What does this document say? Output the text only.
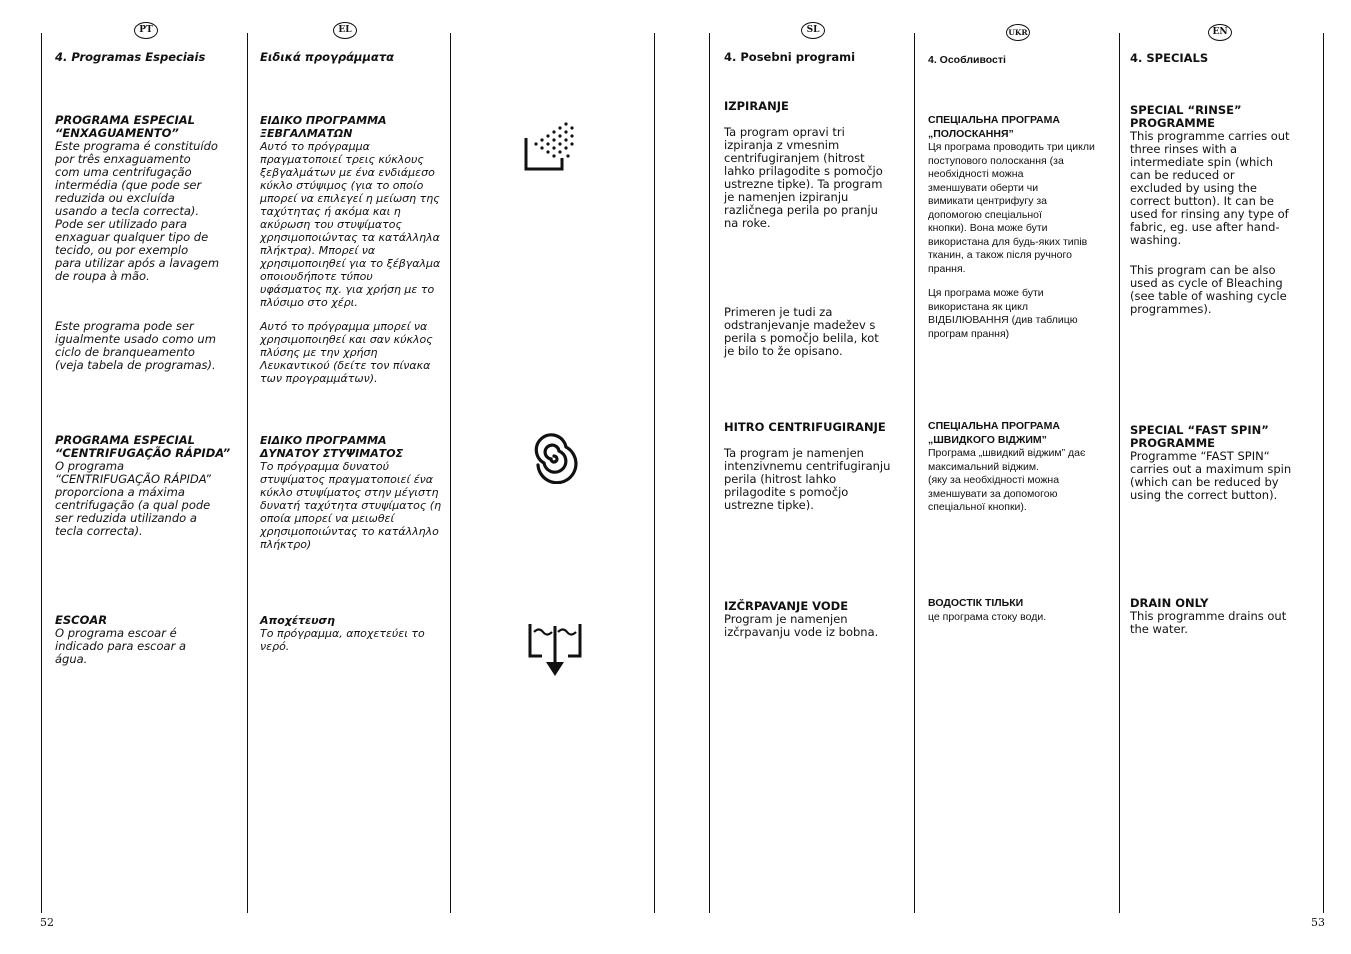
52	53
PT
4. Programas Especiais
PROGRAMA ESPECIAL
“ENXAGUAMENTO”
Este programa é constituído
por três enxaguamento
com uma centrifugação
intermédia (que pode ser
reduzida ou excluída
usando a tecla correcta).
Pode ser utilizado para
enxaguar qualquer tipo de
tecido, ou por exemplo
para utilizar após a lavagem
de roupa à mão.
Este programa pode ser
igualmente usado como um
ciclo de branqueamento
(veja tabela de programas).
PROGRAMA ESPECIAL
“CENTRIFUGAÇÃO RÁPIDA”
O programa
“CENTRIFUGAÇÃO RÁPIDA”
proporciona a máxima
centrifugação (a qual pode
ser reduzida utilizando a
tecla correcta).
ESCOAR
O programa escoar é
indicado para escoar a
água.
EL
Ειδικά προγράμματα
ΕΙΔΙΚΟ ΠΡΟΓΡΑΜΜΑ
ΞΕΒΓΑΛΜΑΤΩΝ
Αυτό το πρόγραμμα
πραγματοποιεί τρεις κύκλους
ξεβγαλμάτων με ένα ενδιάμεσο
κύκλο στύψιμος (για το οποίο
μπορεί να επιλεγεί η μείωση της
ταχύτητας ή ακόμα και η
ακύρωση του στυψίματος
χρησιμοποιώντας τα κατάλληλα
πλήκτρα). Μπορεί να
χρησιμοποιηθεί για το ξέβγαλμα
οποιουδήποτε τύπου
υφάσματος πχ. για χρήση με το
πλύσιμο στο χέρι.
Αυτό το πρόγραμμα μπορεί να
χρησιμοποιηθεί και σαν κύκλος
πλύσης με την χρήση
Λευκαντικού (δείτε τον πίνακα
των προγραμμάτων).
ΕΙΔΙΚΟ ΠΡΟΓΡΑΜΜΑ
ΔΥΝΑΤΟΥ ΣΤΥΨΙΜΑΤΟΣ
Το πρόγραμμα δυνατού
στυψίματος πραγματοποιεί ένα
κύκλο στυψίματος στην μέγιστη
δυνατή ταχύτητα στυψίματος (η
οποία μπορεί να μειωθεί
χρησιμοποιώντας το κατάλληλο
πλήκτρο)
Αποχέτευση
Το πρόγραμμα, αποχετεύει το
νερό.
SL
4. Posebni programi
IZPIRANJE
Ta program opravi tri
izpiranja z vmesnim
centrifugiranjem (hitrost
lahko prilagodite s pomočjo
ustrezne tipke). Ta program
je namenjen izpiranju
različnega perila po pranju
na roke.
Primeren je tudi za
odstranjevanje madežev s
perila s pomočjo belila, kot
je bilo to že opisano.
HITRO CENTRIFUGIRANJE
Ta program je namenjen
intenzivnemu centrifugiranju
perila (hitrost lahko
prilagodite s pomočjo
ustrezne tipke).
IZČRPAVANJE VODE
Program je namenjen
izčrpavanju vode iz bobna.
UKR
4. Особливості
СПЕЦІАЛЬНА ПРОГРАМА
„ПОЛОСКАННЯ”
Ця програма проводить три цикли
поступового полоскання (за
необхідності можна
зменшувати оберти чи
вимикати центрифугу за
допомогою спеціальної
кнопки). Вона може бути
використана для будь-яких типів
тканин, а також після ручного
прання.
Ця програма може бути
використана як цикл
ВІДБІЛЮВАННЯ (див таблицю
програм прання)
СПЕЦІАЛЬНА ПРОГРАМА
„ШВИДКОГО ВІДЖИМ”
Програма „швидкий віджим” дає
максимальний віджим.
(яку за необхідності можна
зменшувати за допомогою
спеціальної кнопки).
ВОДОСТІК ТІЛЬКИ
це програма стоку води.
EN
4. SPECIALS
SPECIAL “RINSE”
PROGRAMME
This programme carries out
three rinses with a
intermediate spin (which
can be reduced or
excluded by using the
correct button). It can be
used for rinsing any type of
fabric, eg. use after hand-
washing.
This program can be also
used as cycle of Bleaching
(see table of washing cycle
programmes).
SPECIAL “FAST SPIN”
PROGRAMME
Programme “FAST SPIN“
carries out a maximum spin
(which can be reduced by
using the correct button).
DRAIN ONLY
This programme drains out
the water.
